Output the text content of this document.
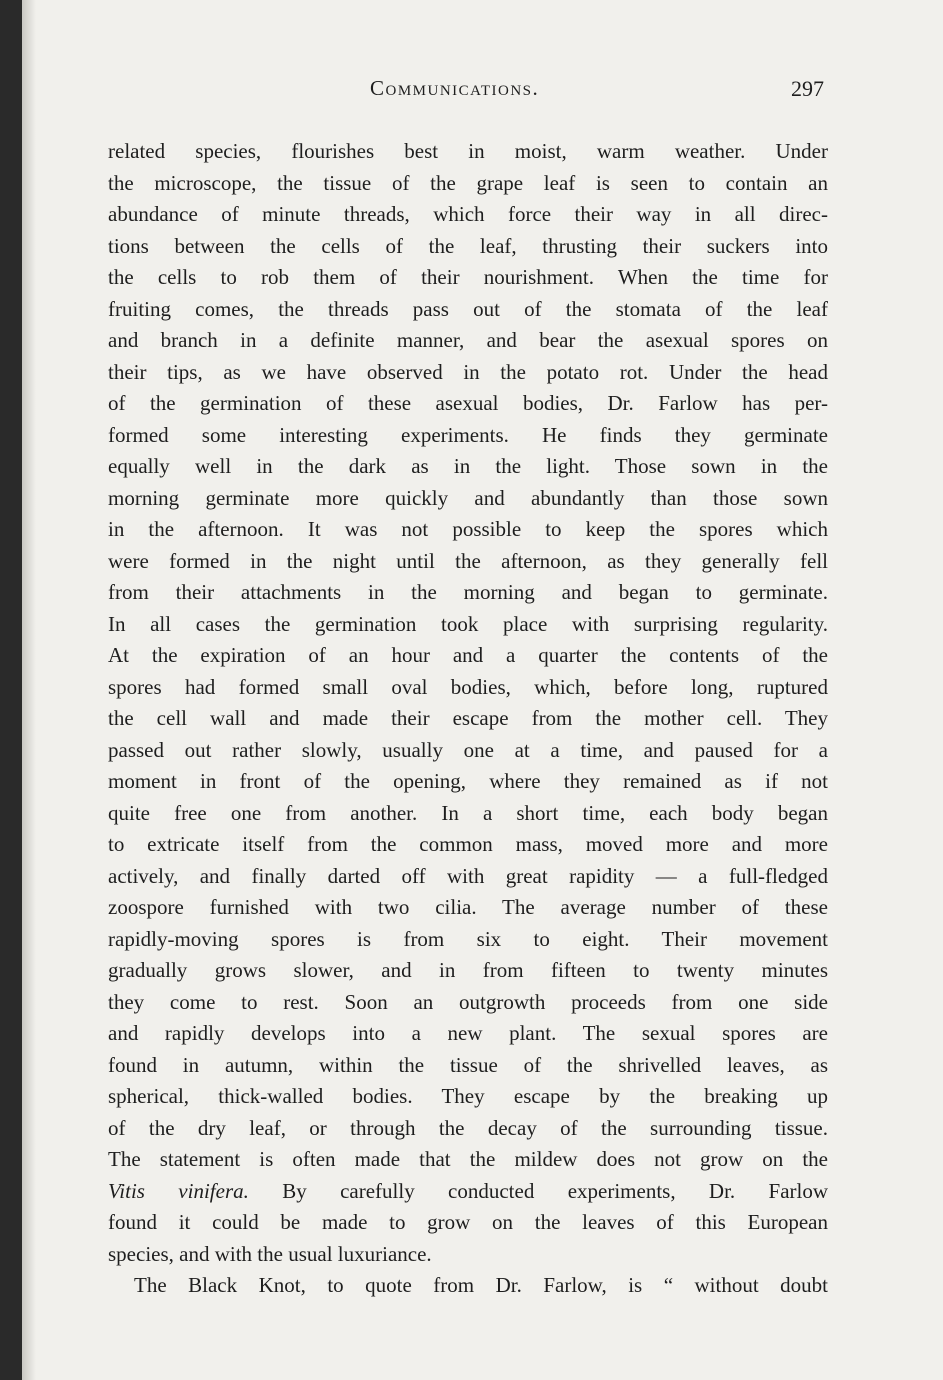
Communications.	297
related species, flourishes best in moist, warm weather. Under
the microscope, the tissue of the grape leaf is seen to contain an
abundance of minute threads, which force their way in all direc-
tions between the cells of the leaf, thrusting their suckers into
the cells to rob them of their nourishment. When the time for
fruiting comes, the threads pass out of the stomata of the leaf
and branch in a definite manner, and bear the asexual spores on
their tips, as we have observed in the potato rot. Under the head
of the germination of these asexual bodies, Dr. Farlow has per-
formed some interesting experiments. He finds they germinate
equally well in the dark as in the light. Those sown in the
morning germinate more quickly and abundantly than those sown
in the afternoon. It was not possible to keep the spores which
were formed in the night until the afternoon, as they generally fell
from their attachments in the morning and began to germinate.
In all cases the germination took place with surprising regularity.
At the expiration of an hour and a quarter the contents of the
spores had formed small oval bodies, which, before long, ruptured
the cell wall and made their escape from the mother cell. They
passed out rather slowly, usually one at a time, and paused for a
moment in front of the opening, where they remained as if not
quite free one from another. In a short time, each body began
to extricate itself from the common mass, moved more and more
actively, and finally darted off with great rapidity — a full-fledged
zoospore furnished with two cilia. The average number of these
rapidly-moving spores is from six to eight. Their movement
gradually grows slower, and in from fifteen to twenty minutes
they come to rest. Soon an outgrowth proceeds from one side
and rapidly develops into a new plant. The sexual spores are
found in autumn, within the tissue of the shrivelled leaves, as
spherical, thick-walled bodies. They escape by the breaking up
of the dry leaf, or through the decay of the surrounding tissue.
The statement is often made that the mildew does not grow on the
Vitis vinifera. By carefully conducted experiments, Dr. Farlow
found it could be made to grow on the leaves of this European
species, and with the usual luxuriance.
The Black Knot, to quote from Dr. Farlow, is “ without doubt
